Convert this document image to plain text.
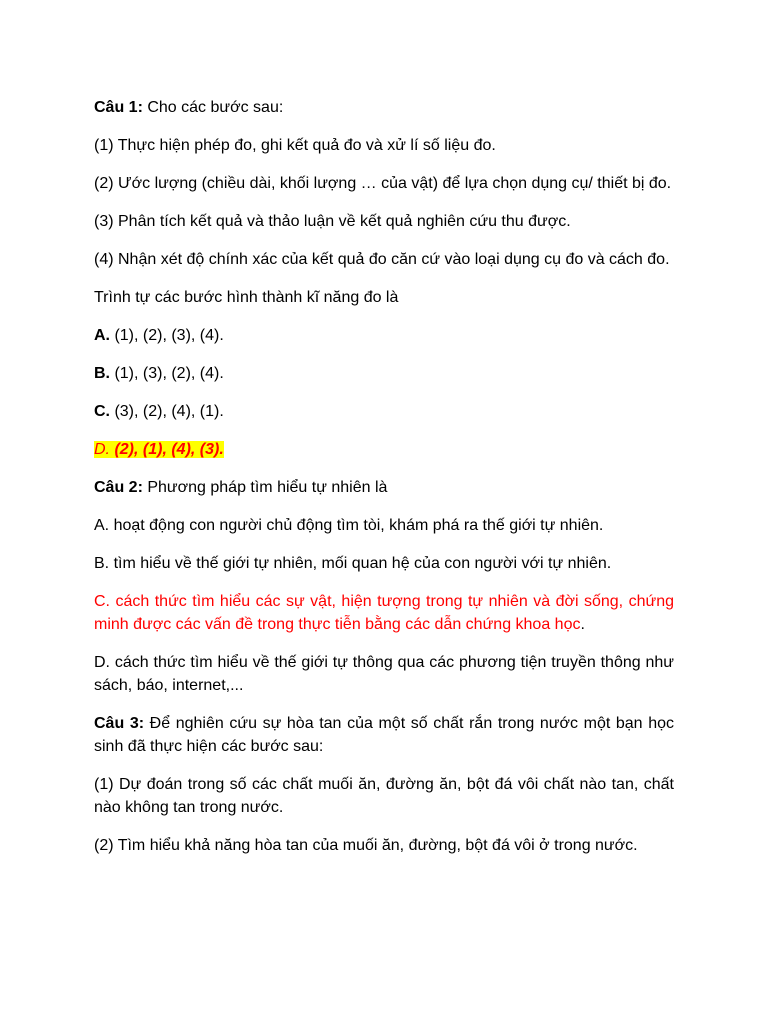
Câu 1: Cho các bước sau:

(1) Thực hiện phép đo, ghi kết quả đo và xử lí số liệu đo.

(2) Ước lượng (chiều dài, khối lượng … của vật) để lựa chọn dụng cụ/ thiết bị đo.

(3) Phân tích kết quả và thảo luận về kết quả nghiên cứu thu được.

(4) Nhận xét độ chính xác của kết quả đo căn cứ vào loại dụng cụ đo và cách đo.

Trình tự các bước hình thành kĩ năng đo là

A. (1), (2), (3), (4).

B. (1), (3), (2), (4).

C. (3), (2), (4), (1).

D. (2), (1), (4), (3).

Câu 2: Phương pháp tìm hiểu tự nhiên là

A. hoạt động con người chủ động tìm tòi, khám phá ra thế giới tự nhiên.

B. tìm hiểu về thế giới tự nhiên, mối quan hệ của con người với tự nhiên.

C. cách thức tìm hiểu các sự vật, hiện tượng trong tự nhiên và đời sống, chứng minh được các vấn đề trong thực tiễn bằng các dẫn chứng khoa học.

D. cách thức tìm hiểu về thế giới tự thông qua các phương tiện truyền thông như sách, báo, internet,...

Câu 3: Để nghiên cứu sự hòa tan của một số chất rắn trong nước một bạn học sinh đã thực hiện các bước sau:

(1) Dự đoán trong số các chất muối ăn, đường ăn, bột đá vôi chất nào tan, chất nào không tan trong nước.

(2) Tìm hiểu khả năng hòa tan của muối ăn, đường, bột đá vôi ở trong nước.
